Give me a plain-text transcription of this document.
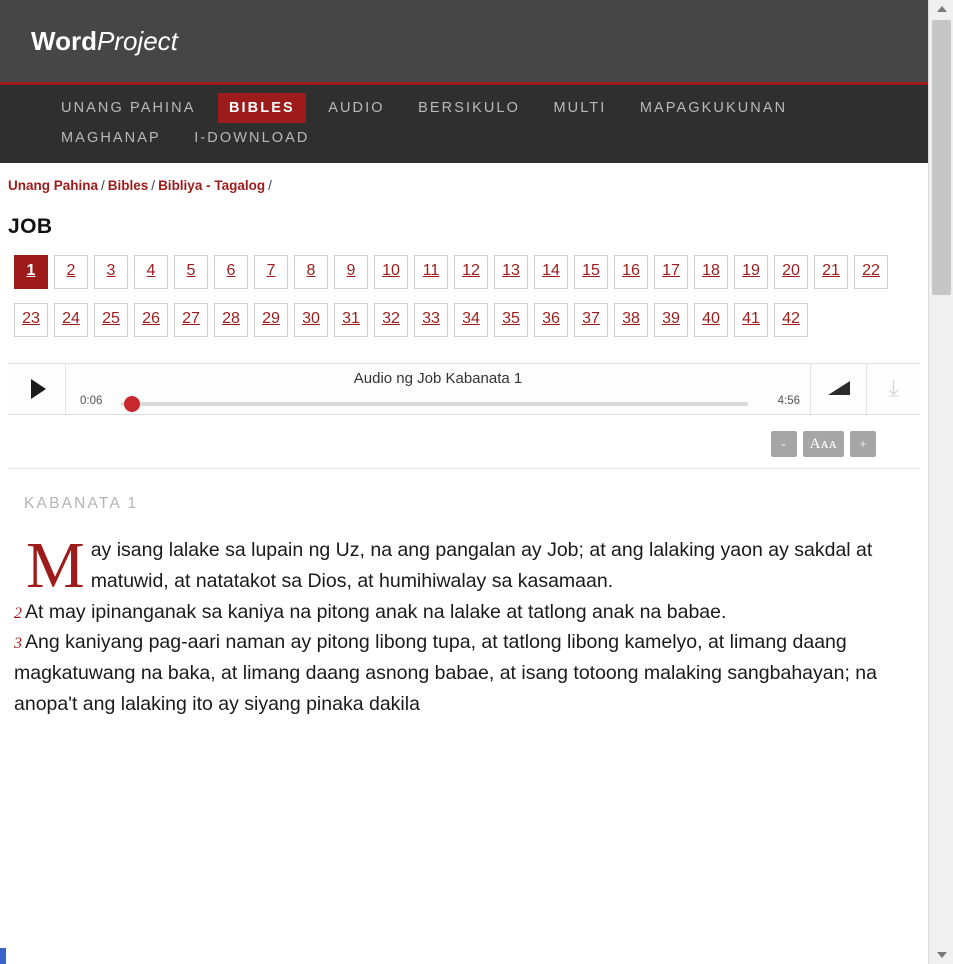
WordProject
UNANG PAHINA BIBLES AUDIO BERSIKULO MULTI MAPAGKUKUNAN
MAGHANAP I-DOWNLOAD
Unang Pahina / Bibles / Bibliya - Tagalog /
JOB
1 2 3 4 5 6 7 8 9 10 11 12 13 14 15 16 17 18 19 20 21 2223 24 25 26 27 28 29 30 31 32 33 34 35 36 37 38 39 40 41 42
Audio ng Job Kabanata 1
0:06	4:56	⤓
- Aᴀᴀ +
KABANATA 1
May isang lalake sa lupain ng Uz, na ang pangalan ay Job; at ang lalaking yaon ay sakdal at matuwid, at natatakot sa Dios, at humihiwalay sa kasamaan.
2 At may ipinanganak sa kaniya na pitong anak na lalake at tatlong anak na babae.
3 Ang kaniyang pag-aari naman ay pitong libong tupa, at tatlong libong kamelyo, at limang daang magkatuwang na baka, at limang daang asnong babae, at isang totoong malaking sangbahayan; na anopa't ang lalaking ito ay siyang pinaka dakila
